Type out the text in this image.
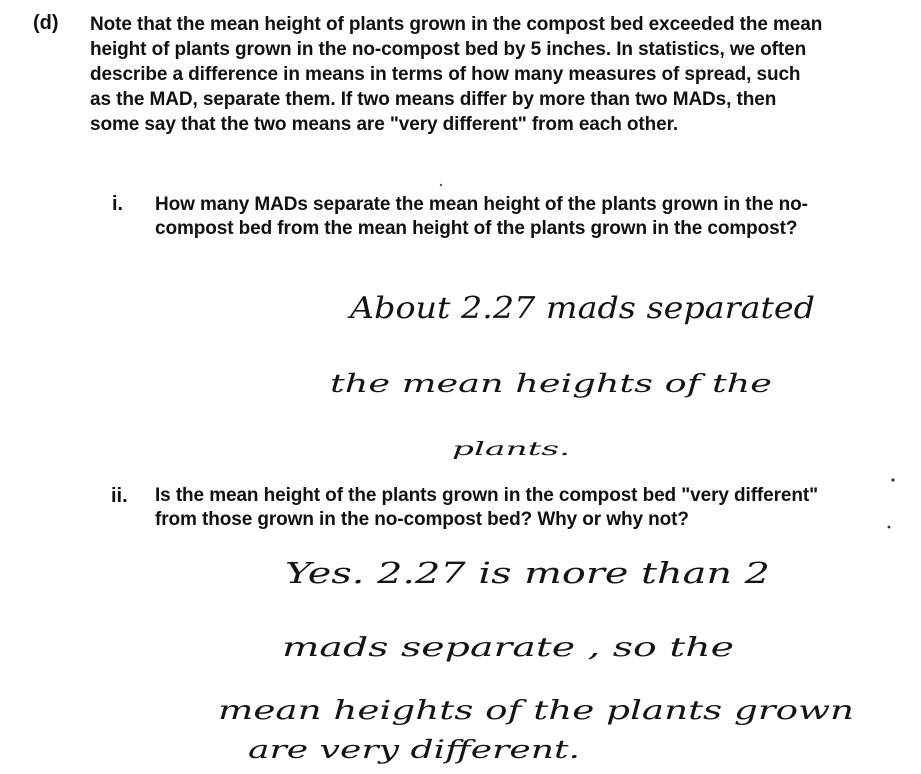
(d) Note that the mean height of plants grown in the compost bed exceeded the mean height of plants grown in the no-compost bed by 5 inches. In statistics, we often describe a difference in means in terms of how many measures of spread, such as the MAD, separate them. If two means differ by more than two MADs, then some say that the two means are "very different" from each other.
i. How many MADs separate the mean height of the plants grown in the no-compost bed from the mean height of the plants grown in the compost?
ii. Is the mean height of the plants grown in the compost bed "very different" from those grown in the no-compost bed? Why or why not?
About 2.27 mads separated
the mean heights of the
plants.
Yes. 2.27 is more than 2
mads separate , so the
mean heights of the plants grown
are very different.
